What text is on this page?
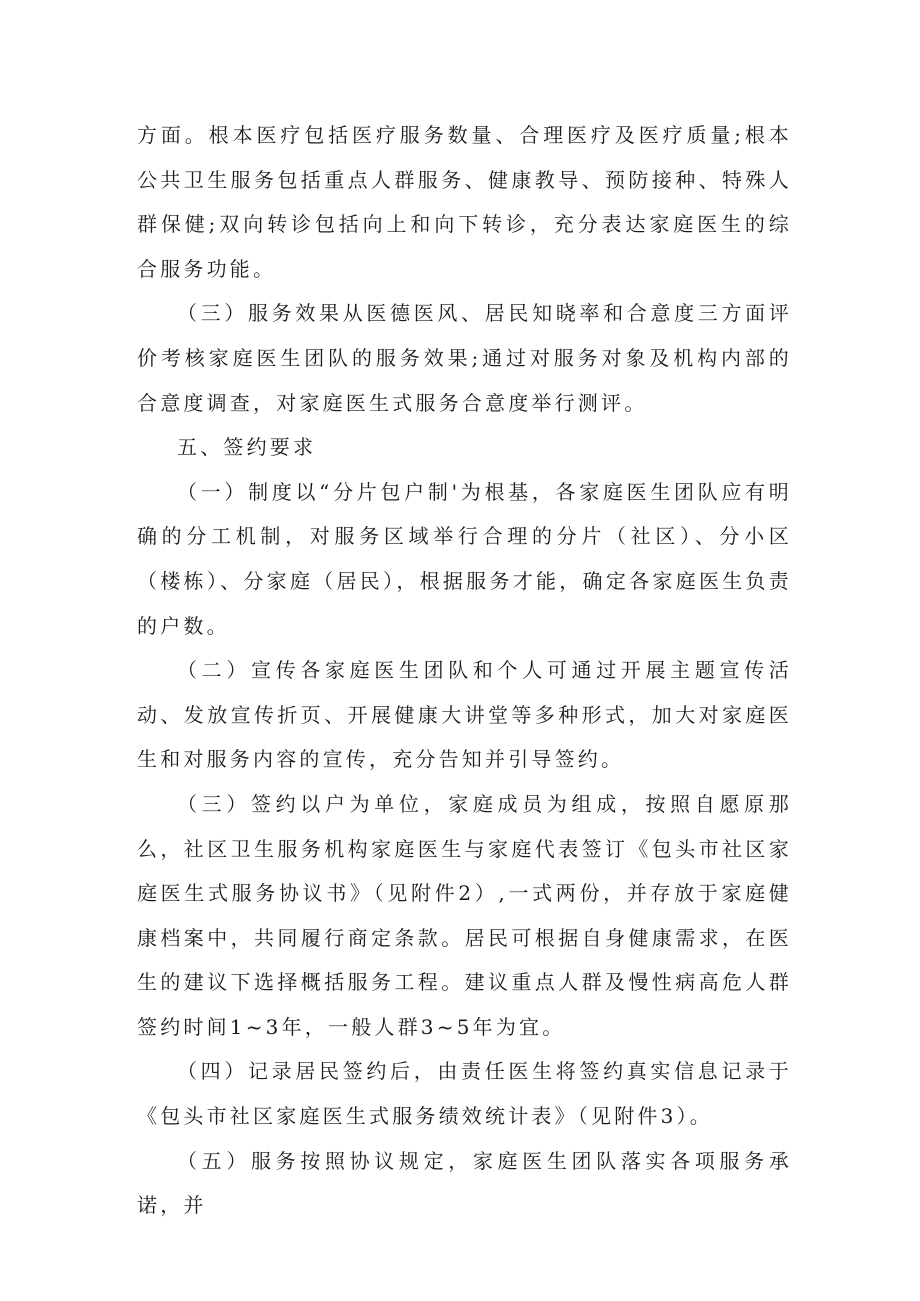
方面。根本医疗包括医疗服务数量、合理医疗及医疗质量;根本公共卫生服务包括重点人群服务、健康教导、预防接种、特殊人群保健;双向转诊包括向上和向下转诊，充分表达家庭医生的综合服务功能。

（三）服务效果从医德医风、居民知晓率和合意度三方面评价考核家庭医生团队的服务效果;通过对服务对象及机构内部的合意度调查，对家庭医生式服务合意度举行测评。

五、签约要求

（一）制度以“分片包户制'为根基，各家庭医生团队应有明确的分工机制，对服务区域举行合理的分片（社区）、分小区（楼栋）、分家庭（居民），根据服务才能，确定各家庭医生负责的户数。

（二）宣传各家庭医生团队和个人可通过开展主题宣传活动、发放宣传折页、开展健康大讲堂等多种形式，加大对家庭医生和对服务内容的宣传，充分告知并引导签约。

（三）签约以户为单位，家庭成员为组成，按照自愿原那么，社区卫生服务机构家庭医生与家庭代表签订《包头市社区家庭医生式服务协议书》（见附件2）,一式两份，并存放于家庭健康档案中，共同履行商定条款。居民可根据自身健康需求，在医生的建议下选择概括服务工程。建议重点人群及慢性病高危人群签约时间1~3年，一般人群3~5年为宜。

（四）记录居民签约后，由责任医生将签约真实信息记录于《包头市社区家庭医生式服务绩效统计表》（见附件3）。

（五）服务按照协议规定，家庭医生团队落实各项服务承诺，并
